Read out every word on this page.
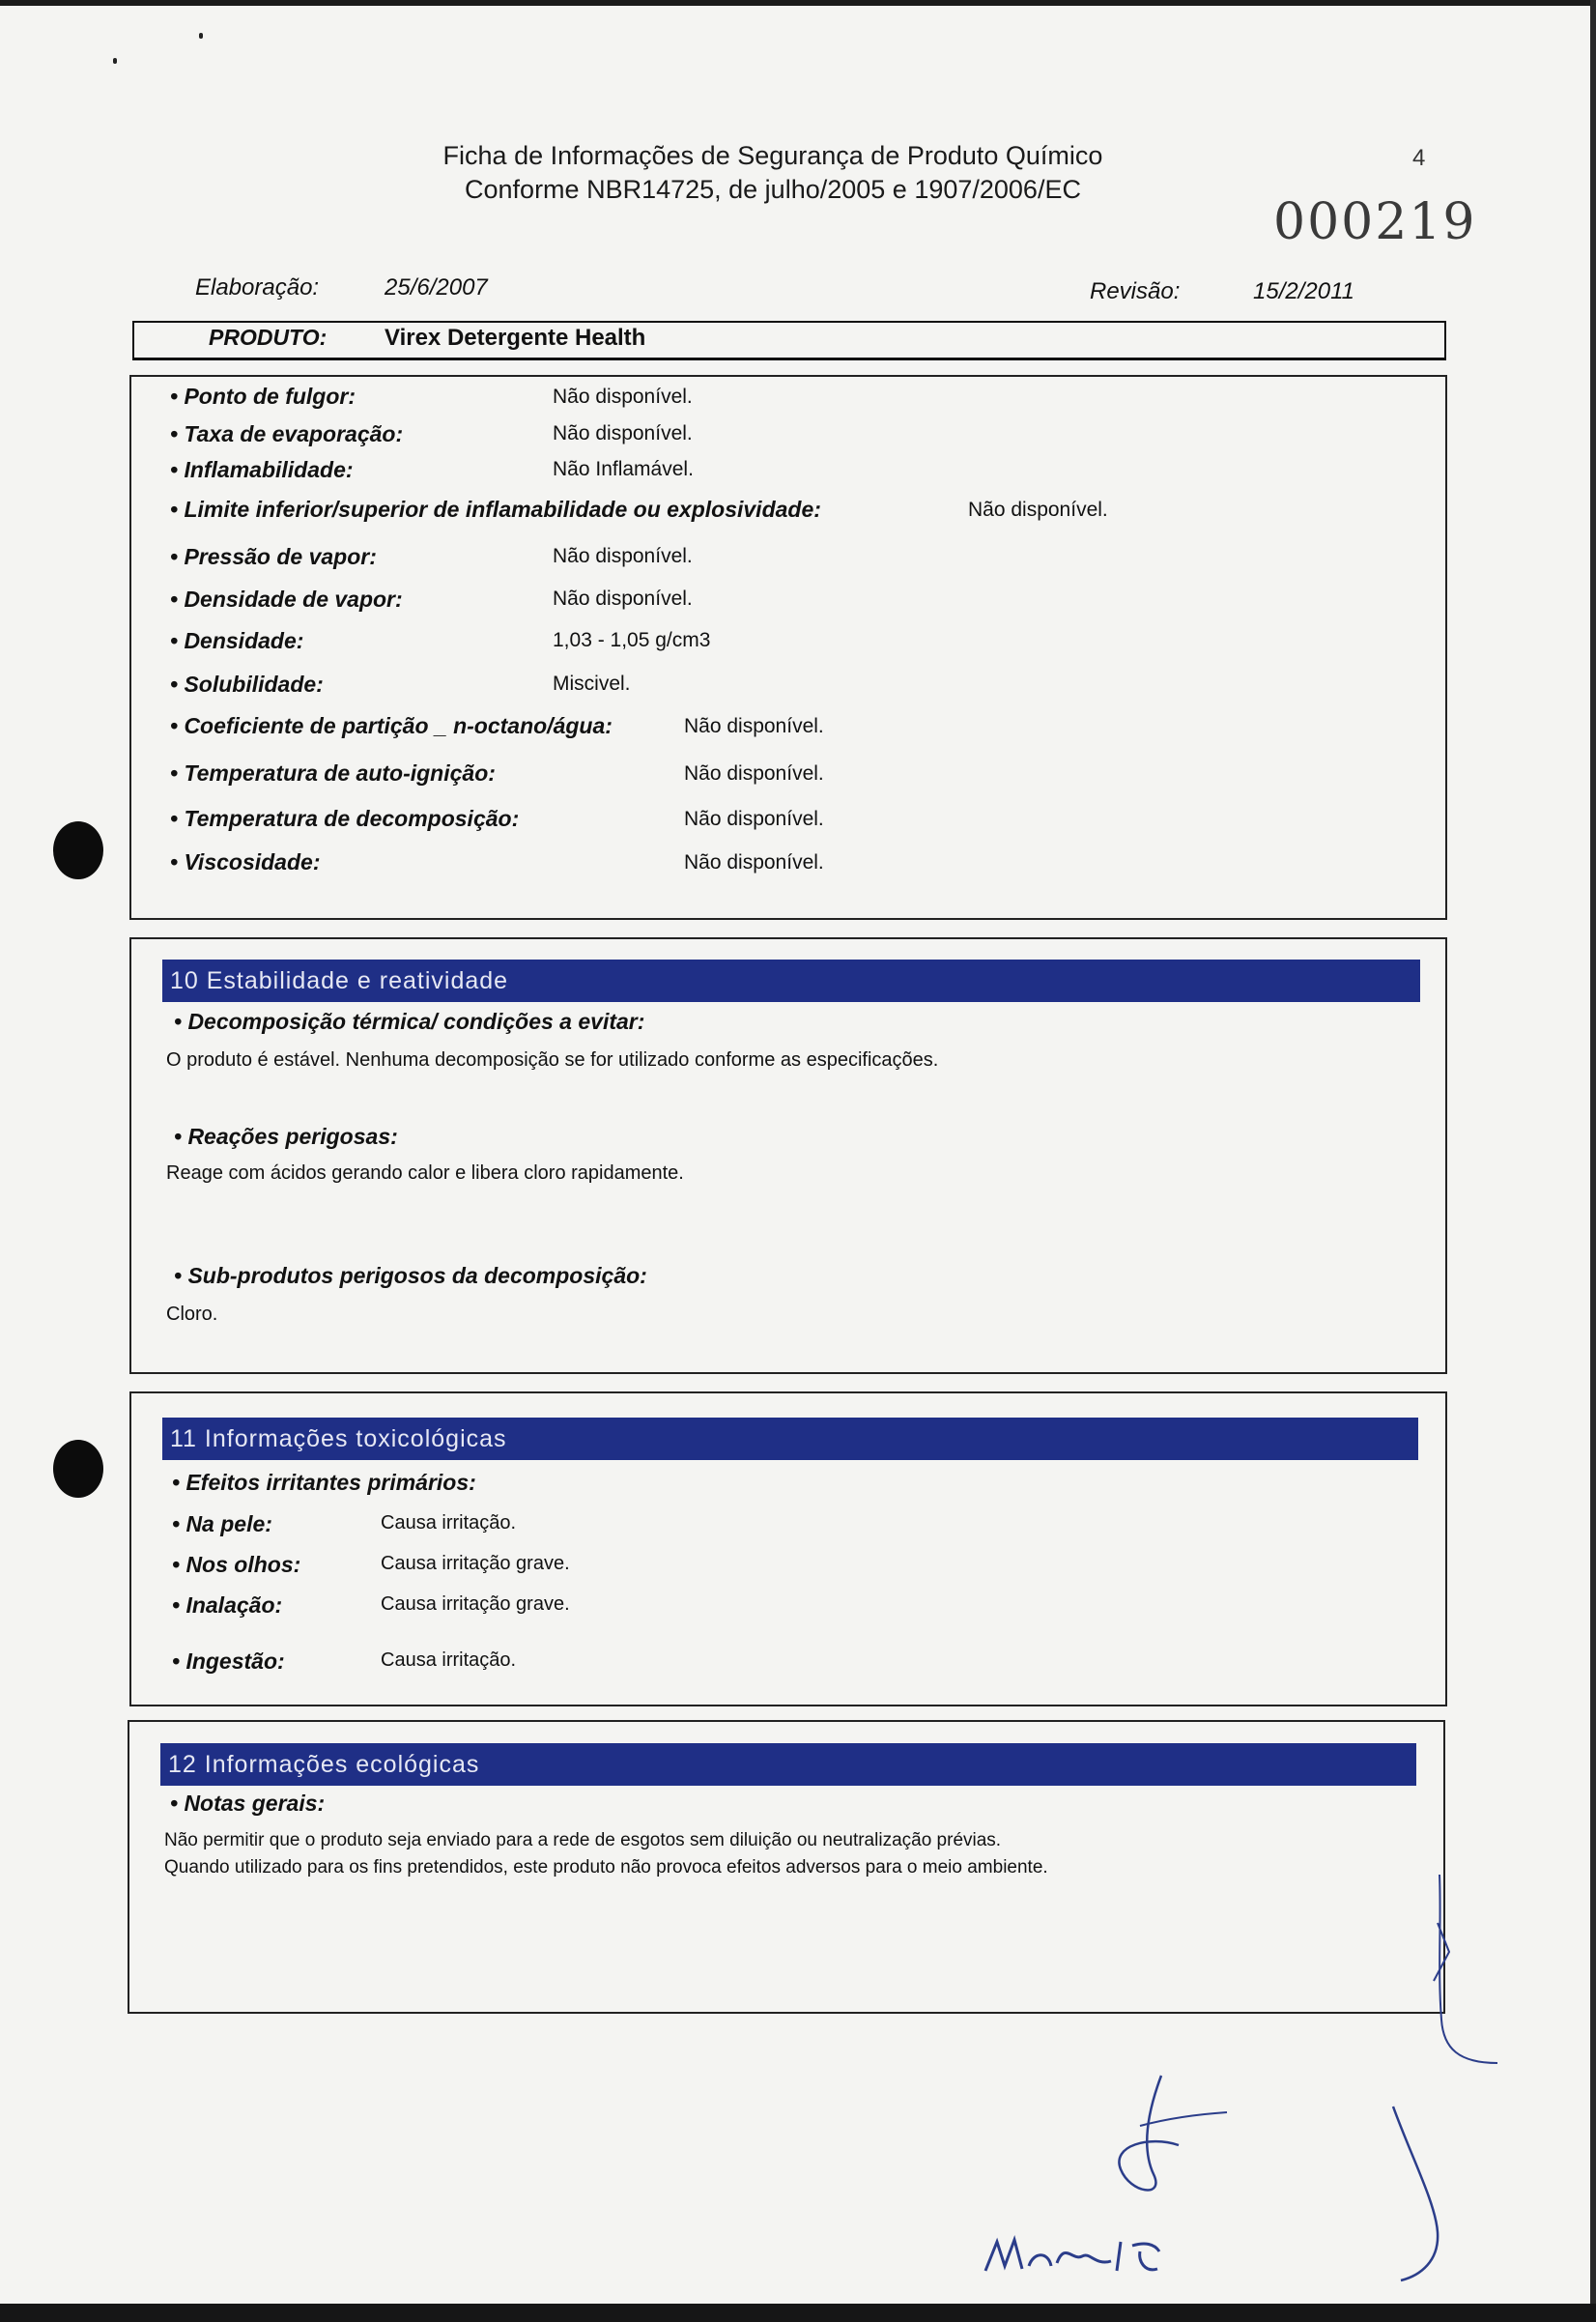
Ficha de Informações de Segurança de Produto Químico
Conforme NBR14725, de julho/2005 e 1907/2006/EC
4
000219
Elaboração:	25/6/2007	Revisão:	15/2/2011
PRODUTO: Virex Detergente Health
• Ponto de fulgor:	Não disponível.
• Taxa de evaporação:	Não disponível.
• Inflamabilidade:	Não Inflamável.
• Limite inferior/superior de inflamabilidade ou explosividade:	Não disponível.
• Pressão de vapor:	Não disponível.
• Densidade de vapor:	Não disponível.
• Densidade:	1,03 - 1,05 g/cm3
• Solubilidade:	Miscivel.
• Coeficiente de partição _ n-octano/água:	Não disponível.
• Temperatura de auto-ignição:	Não disponível.
• Temperatura de decomposição:	Não disponível.
• Viscosidade:	Não disponível.
10 Estabilidade e reatividade
• Decomposição térmica/ condições a evitar:
O produto é estável. Nenhuma decomposição se for utilizado conforme as especificações.
• Reações perigosas:
Reage com ácidos gerando calor e libera cloro rapidamente.
• Sub-produtos perigosos da decomposição:
Cloro.
11 Informações toxicológicas
• Efeitos irritantes primários:
• Na pele:	Causa irritação.
• Nos olhos:	Causa irritação grave.
• Inalação:	Causa irritação grave.
• Ingestão:	Causa irritação.
12 Informações ecológicas
• Notas gerais:
Não permitir que o produto seja enviado para a rede de esgotos sem diluição ou neutralização prévias.
Quando utilizado para os fins pretendidos, este produto não provoca efeitos adversos para o meio ambiente.
